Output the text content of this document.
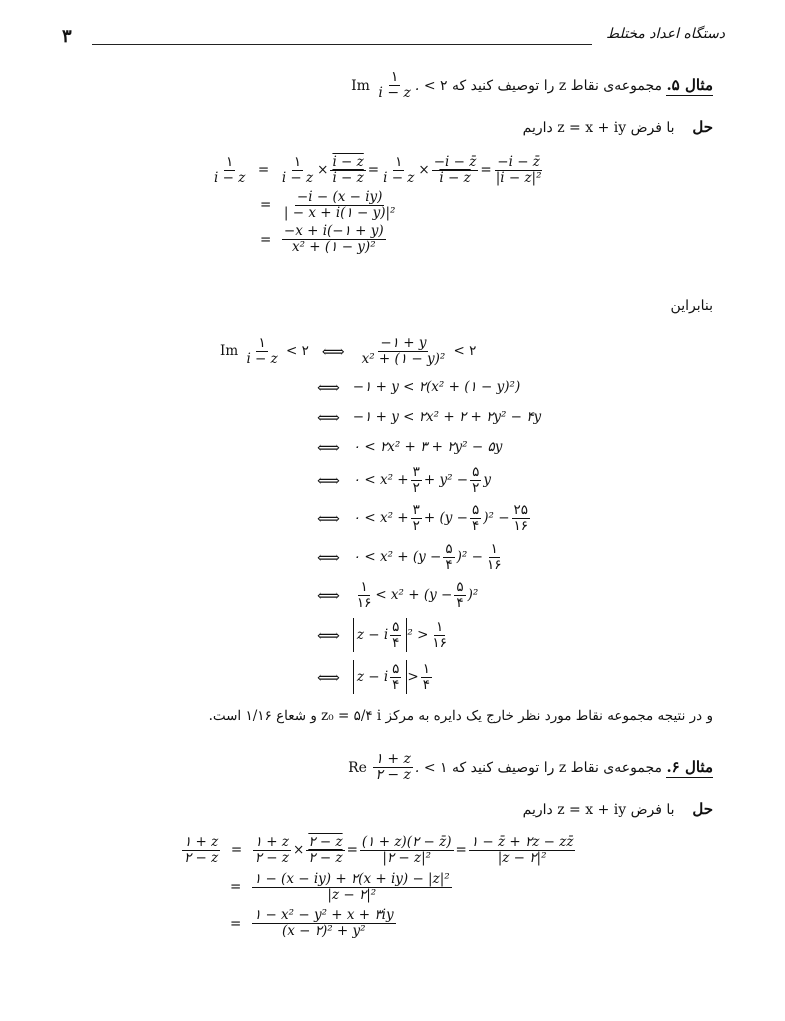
۳	دستگاه اعداد مختلط
مثال ۵. مجموعه‌ی نقاط z را توصیف کنید که ۲ >
Im
$\frac{۱}{i - z}$ .
حل    با فرض z = x + iy داریم
$\frac{۱}{i - z} = \frac{۱}{i - z} \times \frac{i - z}{i - z} = \frac{۱}{i - z} \times \frac{-i - z̄}{i - z} = \frac{-i - z̄}{\text{|i − z|²}}$
= $\frac{-i - (x - iy)}{\text{| − x + i(۱ − y)|²}}$
= $\frac{-x + i(-۱ + y)}{\text{x² + (۱ − y)²}}$
بنابراین
Im
$\frac{۱}{i - z}$ < ۲ ⟺
$\frac{-۱ + y}{\text{x² + (۱ − y)²}}$ < ۲
⟺ −۱ + y < ۲(x² + (۱ − y)²)
⟺ −۱ + y < ۲x² + ۲ + ۲y² − ۴y
⟺ ۰ < ۲x² + ۳ + ۲y² − ۵y
⟺ ۰ < $x^2 + \frac{۳}{۲} + y^2 - \frac{۵}{۲}$ y
⟺ ۰ < $x^2 + \frac{۳}{۲} + (y - \frac{۵}{۴} )^2 - \frac{۲۵}{۱۶}$
⟺ ۰ < $x^2 + (y - \frac{۵}{۴} )^2 - \frac{۱}{۱۶}$
⟺
$\frac{۱}{۱۶} < x^2 + (y - \frac{۵}{۴} )^2$
⟺
z − i $\frac{۵}{۴} ^2 > \frac{۱}{۱۶}$
⟺
z − i $\frac{۵}{۴} > \frac{۱}{۴}$
و در نتیجه مجموعه نقاط مورد نظر خارج یک دایره به مرکز z₀ = ۵/۴ i و شعاع ۱/۱۶ است.
مثال ۶. مجموعه‌ی نقاط z را توصیف کنید که ۱ >
Re
$\frac{۱ + z}{۲ - z}$ .
حل    با فرض z = x + iy داریم
$\frac{۱ + z}{۲ - z} = \frac{۱ + z}{۲ - z} \times \frac{۲ - z}{۲ - z} = \frac{(۱ + z)(۲ - z̄)}{\text{|۲ − z|²}} = \frac{۱ - z̄ + ۲z - zz̄}{\text{|z − ۲|²}}$
= $\frac{\text{۱ − (x − iy) + ۲(x + iy) − |z|²}}{\text{|z − ۲|²}}$
= $\frac{\text{۱ − x² − y² + x + ۳iy}}{\text{(x − ۲)² + y²}}$
